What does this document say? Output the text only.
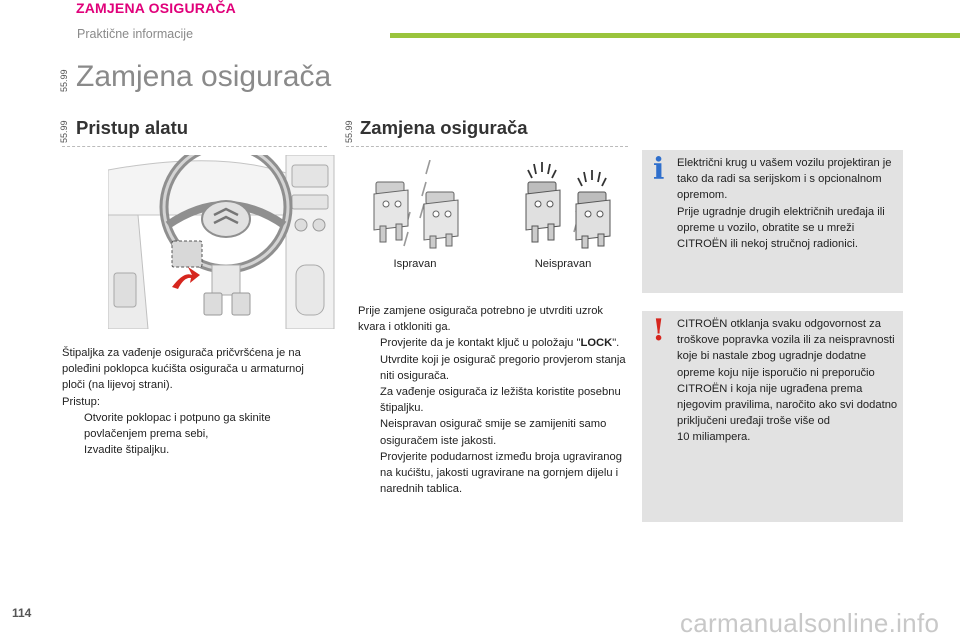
ZAMJENA OSIGURAČA
Praktične informacije
55.99 Zamjena osigurača
55.99 Pristup alatu

Štipaljka za vađenje osigurača pričvršćena je na poleđini poklopca kućišta osigurača u armaturnoj ploči (na lijevoj strani).

Pristup:

Otvorite poklopac i potpuno ga skinite povlačenjem prema sebi,
Izvadite štipaljku.
55.99 Zamjena osigurača
Ispravan	Neispravan

Prije zamjene osigurača potrebno je utvrditi uzrok kvara i otkloniti ga.

Provjerite da je kontakt ključ u položaju "LOCK".
Utvrdite koji je osigurač pregorio provjerom stanja niti osigurača.
Za vađenje osigurača iz ležišta koristite posebnu štipaljku.
Neispravan osigurač smije se zamijeniti samo osiguračem iste jakosti.
Provjerite podudarnost između broja ugraviranog na kućištu, jakosti ugravirane na gornjem dijelu i narednih tablica.
i Električni krug u vašem vozilu projektiran je tako da radi sa serijskom i s opcionalnom opremom.
Prije ugradnje drugih električnih uređaja ili opreme u vozilo, obratite se u mreži CITROËN ili nekoj stručnoj radionici.
! CITROËN otklanja svaku odgovornost za troškove popravka vozila ili za neispravnosti koje bi nastale zbog ugradnje dodatne opreme koju nije isporučio ni preporučio CITROËN i koja nije ugrađena prema njegovim pravilima, naročito ako svi dodatno priključeni uređaji troše više od
10 miliampera.
114	carmanualsonline.info
